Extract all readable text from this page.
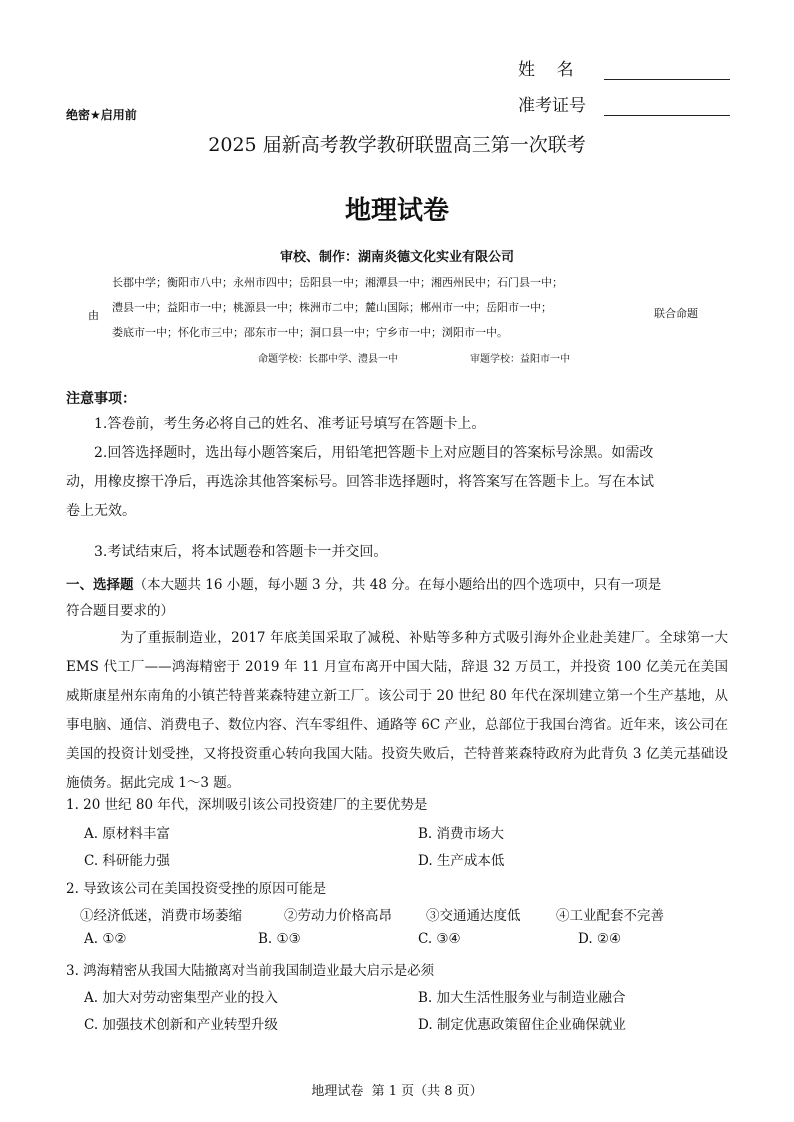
姓    名
准考证号
绝密★启用前
2025 届新高考教学教研联盟高三第一次联考
地理试卷
审校、制作：湖南炎德文化实业有限公司
长郡中学；衡阳市八中；永州市四中；岳阳县一中；湘潭县一中；湘西州民中；石门县一中；
澧县一中；益阳市一中；桃源县一中；株洲市二中；麓山国际；郴州市一中；岳阳市一中；
娄底市一中；怀化市三中；邵东市一中；洞口县一中；宁乡市一中；浏阳市一中。
由	联合命题
命题学校：长郡中学、澧县一中	审题学校：益阳市一中
注意事项：
1.答卷前，考生务必将自己的姓名、准考证号填写在答题卡上。
2.回答选择题时，选出每小题答案后，用铅笔把答题卡上对应题目的答案标号涂黑。如需改
动，用橡皮擦干净后，再选涂其他答案标号。回答非选择题时，将答案写在答题卡上。写在本试
卷上无效。
3.考试结束后，将本试题卷和答题卡一并交回。
一、选择题（本大题共 16 小题，每小题 3 分，共 48 分。在每小题给出的四个选项中，只有一项是
符合题目要求的）
为了重振制造业，2017 年底美国采取了减税、补贴等多种方式吸引海外企业赴美建厂。全球第一大 EMS 代工厂——鸿海精密于 2019 年 11 月宣布离开中国大陆，辞退 32 万员工，并投资 100 亿美元在美国威斯康星州东南角的小镇芒特普莱森特建立新工厂。该公司于 20 世纪 80 年代在深圳建立第一个生产基地，从事电脑、通信、消费电子、数位内容、汽车零组件、通路等 6C 产业，总部位于我国台湾省。近年来，该公司在美国的投资计划受挫，又将投资重心转向我国大陆。投资失败后，芒特普莱森特政府为此背负 3 亿美元基础设施债务。据此完成 1～3 题。
1. 20 世纪 80 年代，深圳吸引该公司投资建厂的主要优势是
A. 原材料丰富	B. 消费市场大
C. 科研能力强	D. 生产成本低
2. 导致该公司在美国投资受挫的原因可能是
①经济低迷，消费市场萎缩	②劳动力价格高昂	③交通通达度低	④工业配套不完善
A. ①②	B. ①③	C. ③④	D. ②④
3. 鸿海精密从我国大陆撤离对当前我国制造业最大启示是必须
A. 加大对劳动密集型产业的投入	B. 加大生活性服务业与制造业融合
C. 加强技术创新和产业转型升级	D. 制定优惠政策留住企业确保就业
地理试卷  第 1 页（共 8 页）
